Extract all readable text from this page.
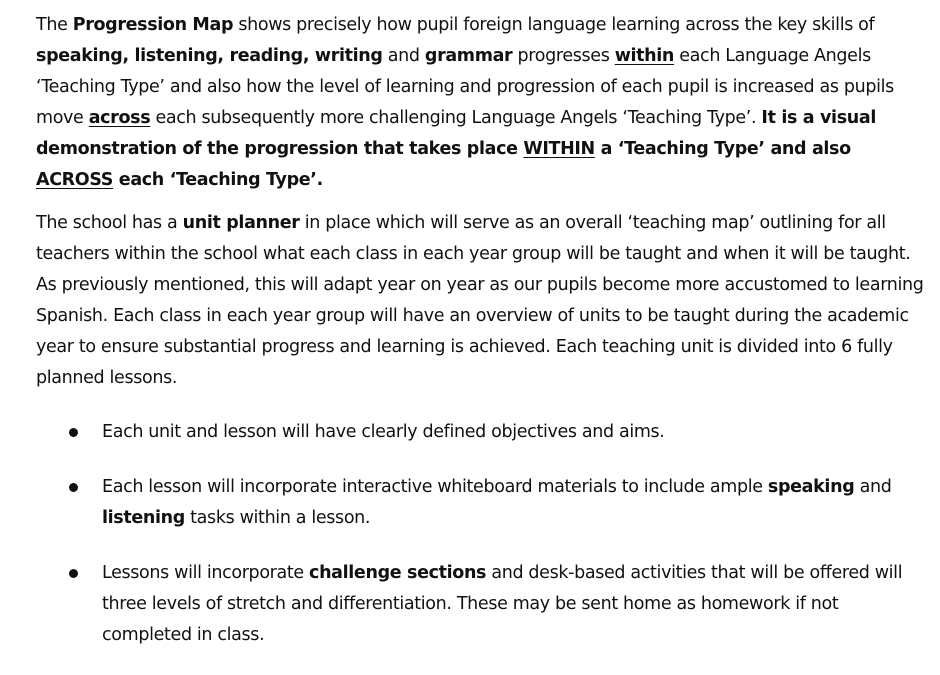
The Progression Map shows precisely how pupil foreign language learning across the key skills of speaking, listening, reading, writing and grammar progresses within each Language Angels ‘Teaching Type’ and also how the level of learning and progression of each pupil is increased as pupils move across each subsequently more challenging Language Angels ‘Teaching Type’. It is a visual demonstration of the progression that takes place WITHIN a ‘Teaching Type’ and also ACROSS each ‘Teaching Type’.

The school has a unit planner in place which will serve as an overall ‘teaching map’ outlining for all teachers within the school what each class in each year group will be taught and when it will be taught. As previously mentioned, this will adapt year on year as our pupils become more accustomed to learning Spanish. Each class in each year group will have an overview of units to be taught during the academic year to ensure substantial progress and learning is achieved. Each teaching unit is divided into 6 fully planned lessons.

Each unit and lesson will have clearly defined objectives and aims.
Each lesson will incorporate interactive whiteboard materials to include ample speaking and listening tasks within a lesson.
Lessons will incorporate challenge sections and desk-based activities that will be offered will three levels of stretch and differentiation. These may be sent home as homework if not completed in class.
